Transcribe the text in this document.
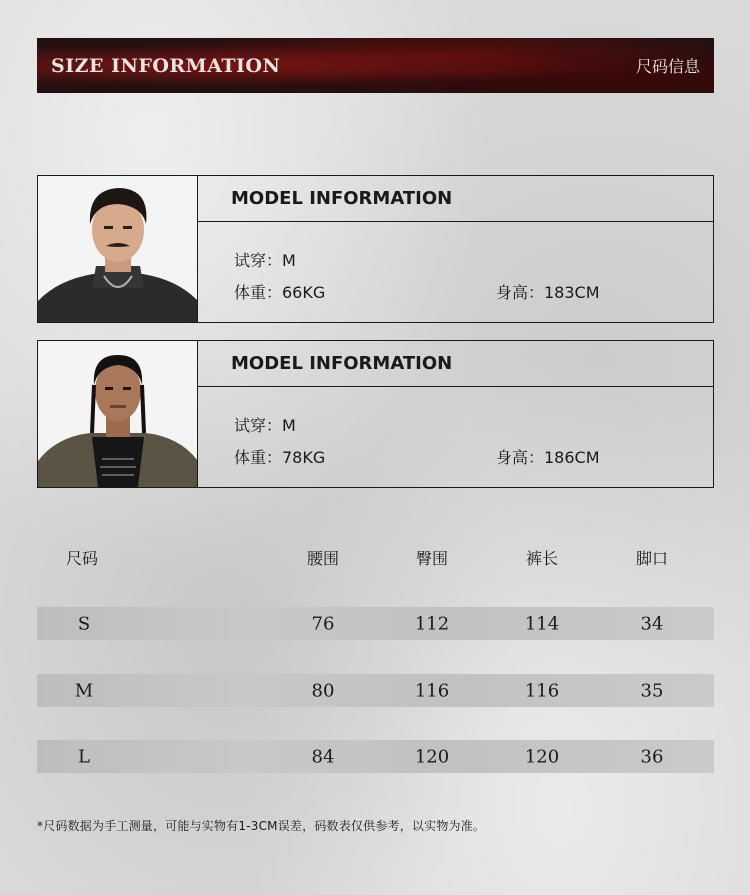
SIZE INFORMATION	尺码信息
MODEL INFORMATION
试穿：M
体重：66KG	身高：183CM
MODEL INFORMATION
试穿：M
体重：78KG	身高：186CM
尺码	腰围	臀围	裤长	脚口
S	76	112	114	34
M	80	116	116	35
L	84	120	120	36
*尺码数据为手工测量，可能与实物有1-3CM误差，码数表仅供参考，以实物为准。
